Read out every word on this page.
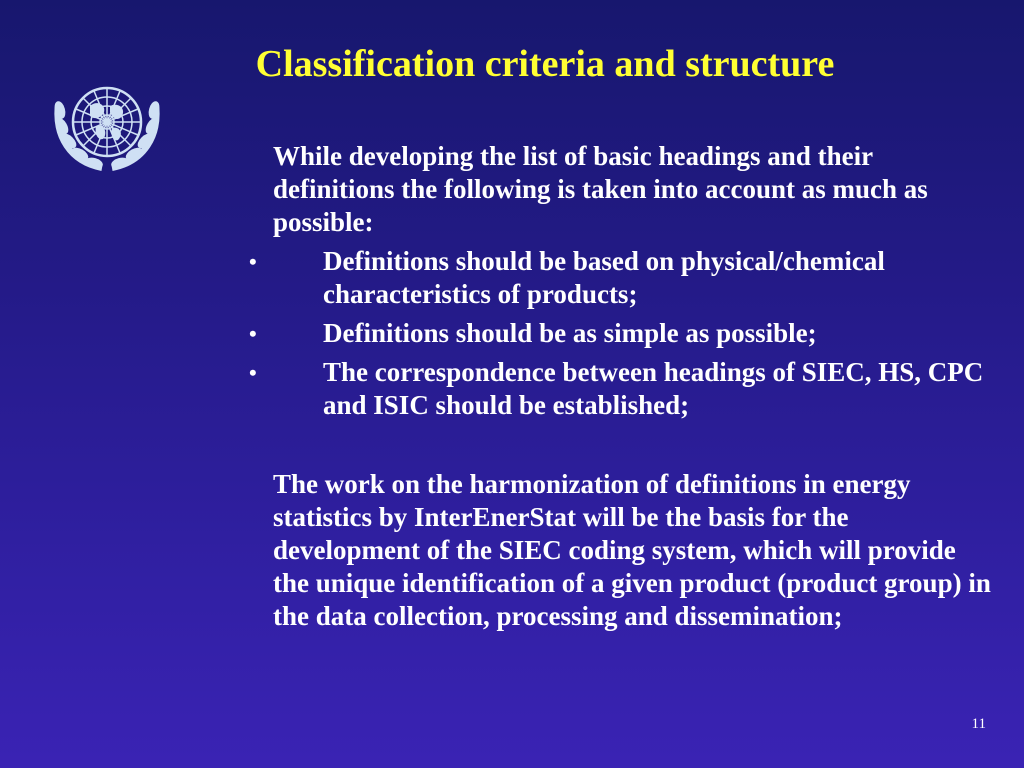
Classification criteria and structure

While developing the list of basic headings and their definitions the following is taken into account as much as possible:

• Definitions should be based on physical/chemical characteristics of products;
• Definitions should be as simple as possible;
• The correspondence between headings of SIEC, HS, CPC and ISIC should be established;

The work on the harmonization of definitions in energy statistics by InterEnerStat will be the basis for the development of the SIEC coding system, which will provide the unique identification of a given product (product group) in the data collection, processing and dissemination;

11
